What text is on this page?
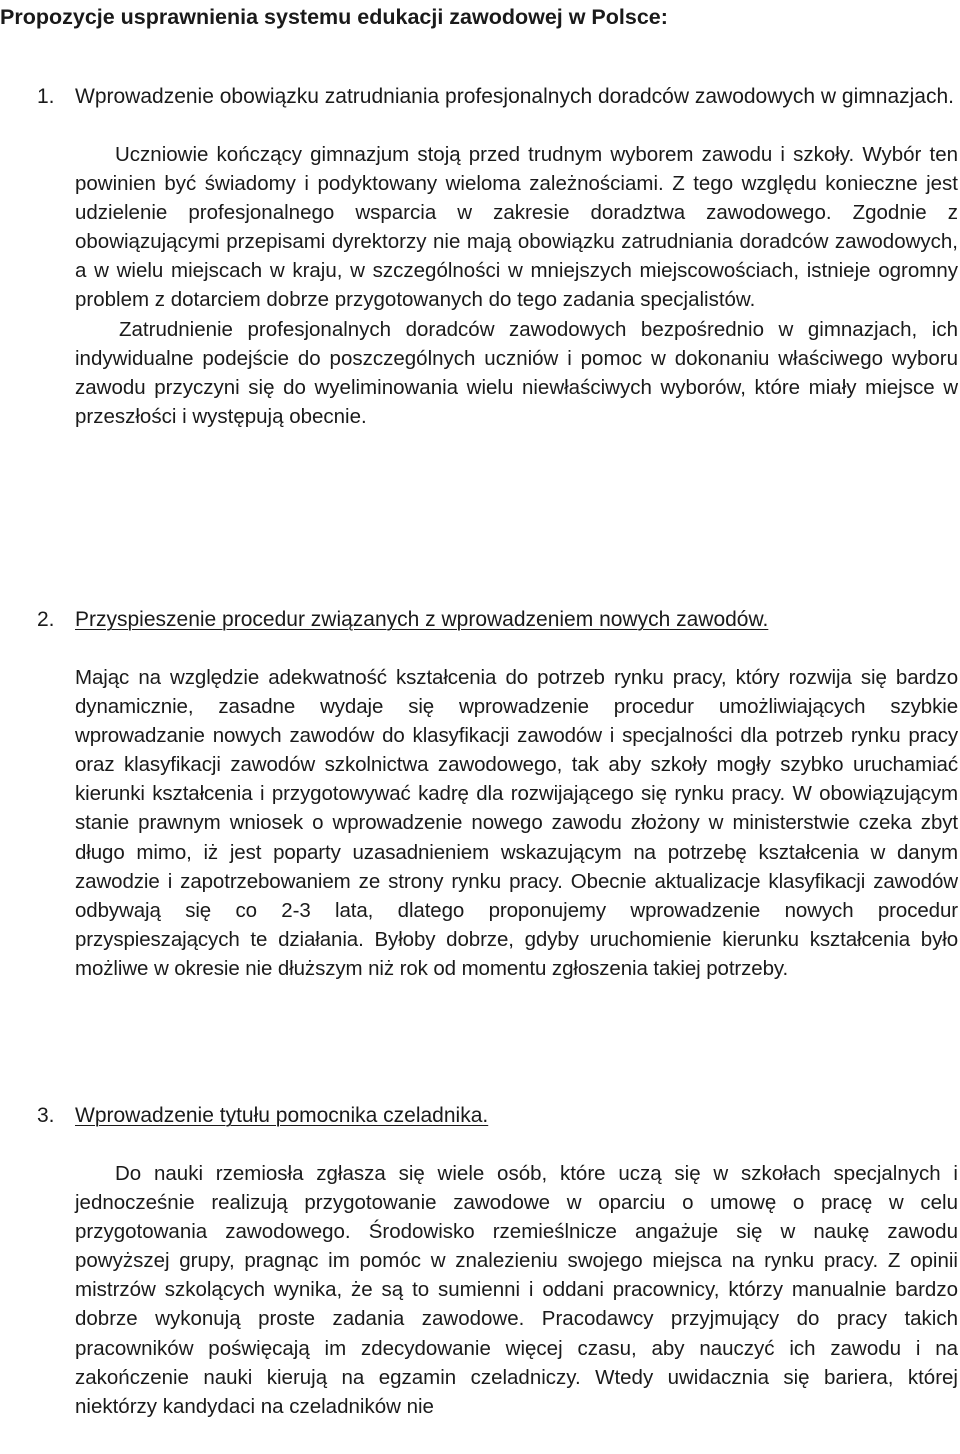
Propozycje usprawnienia systemu edukacji zawodowej w Polsce:
1. Wprowadzenie obowiązku zatrudniania profesjonalnych doradców zawodowych w gimnazjach.

Uczniowie kończący gimnazjum stoją przed trudnym wyborem zawodu i szkoły. Wybór ten powinien być świadomy i podyktowany wieloma zależnościami. Z tego względu konieczne jest udzielenie profesjonalnego wsparcia w zakresie doradztwa zawodowego. Zgodnie z obowiązującymi przepisami dyrektorzy nie mają obowiązku zatrudniania doradców zawodowych, a w wielu miejscach w kraju, w szczególności w mniejszych miejscowościach, istnieje ogromny problem z dotarciem dobrze przygotowanych do tego zadania specjalistów.

Zatrudnienie profesjonalnych doradców zawodowych bezpośrednio w gimnazjach, ich indywidualne podejście do poszczególnych uczniów i pomoc w dokonaniu właściwego wyboru zawodu przyczyni się do wyeliminowania wielu niewłaściwych wyborów, które miały miejsce w przeszłości i występują obecnie.

2. Przyspieszenie procedur związanych z wprowadzeniem nowych zawodów.

Mając na względzie adekwatność kształcenia do potrzeb rynku pracy, który rozwija się bardzo dynamicznie, zasadne wydaje się wprowadzenie procedur umożliwiających szybkie wprowadzanie nowych zawodów do klasyfikacji zawodów i specjalności dla potrzeb rynku pracy oraz klasyfikacji zawodów szkolnictwa zawodowego, tak aby szkoły mogły szybko uruchamiać kierunki kształcenia i przygotowywać kadrę dla rozwijającego się rynku pracy. W obowiązującym stanie prawnym wniosek o wprowadzenie nowego zawodu złożony w ministerstwie czeka zbyt długo mimo, iż jest poparty uzasadnieniem wskazującym na potrzebę kształcenia w danym zawodzie i zapotrzebowaniem ze strony rynku pracy. Obecnie aktualizacje klasyfikacji zawodów odbywają się co 2-3 lata, dlatego proponujemy wprowadzenie nowych procedur przyspieszających te działania. Byłoby dobrze, gdyby uruchomienie kierunku kształcenia było możliwe w okresie nie dłuższym niż rok od momentu zgłoszenia takiej potrzeby.

3. Wprowadzenie tytułu pomocnika czeladnika.

Do nauki rzemiosła zgłasza się wiele osób, które uczą się w szkołach specjalnych i jednocześnie realizują przygotowanie zawodowe w oparciu o umowę o pracę w celu przygotowania zawodowego. Środowisko rzemieślnicze angażuje się w naukę zawodu powyższej grupy, pragnąc im pomóc w znalezieniu swojego miejsca na rynku pracy. Z opinii mistrzów szkolących wynika, że są to sumienni i oddani pracownicy, którzy manualnie bardzo dobrze wykonują proste zadania zawodowe. Pracodawcy przyjmujący do pracy takich pracowników poświęcają im zdecydowanie więcej czasu, aby nauczyć ich zawodu i na zakończenie nauki kierują na egzamin czeladniczy. Wtedy uwidacznia się bariera, której niektórzy kandydaci na czeladników nie
